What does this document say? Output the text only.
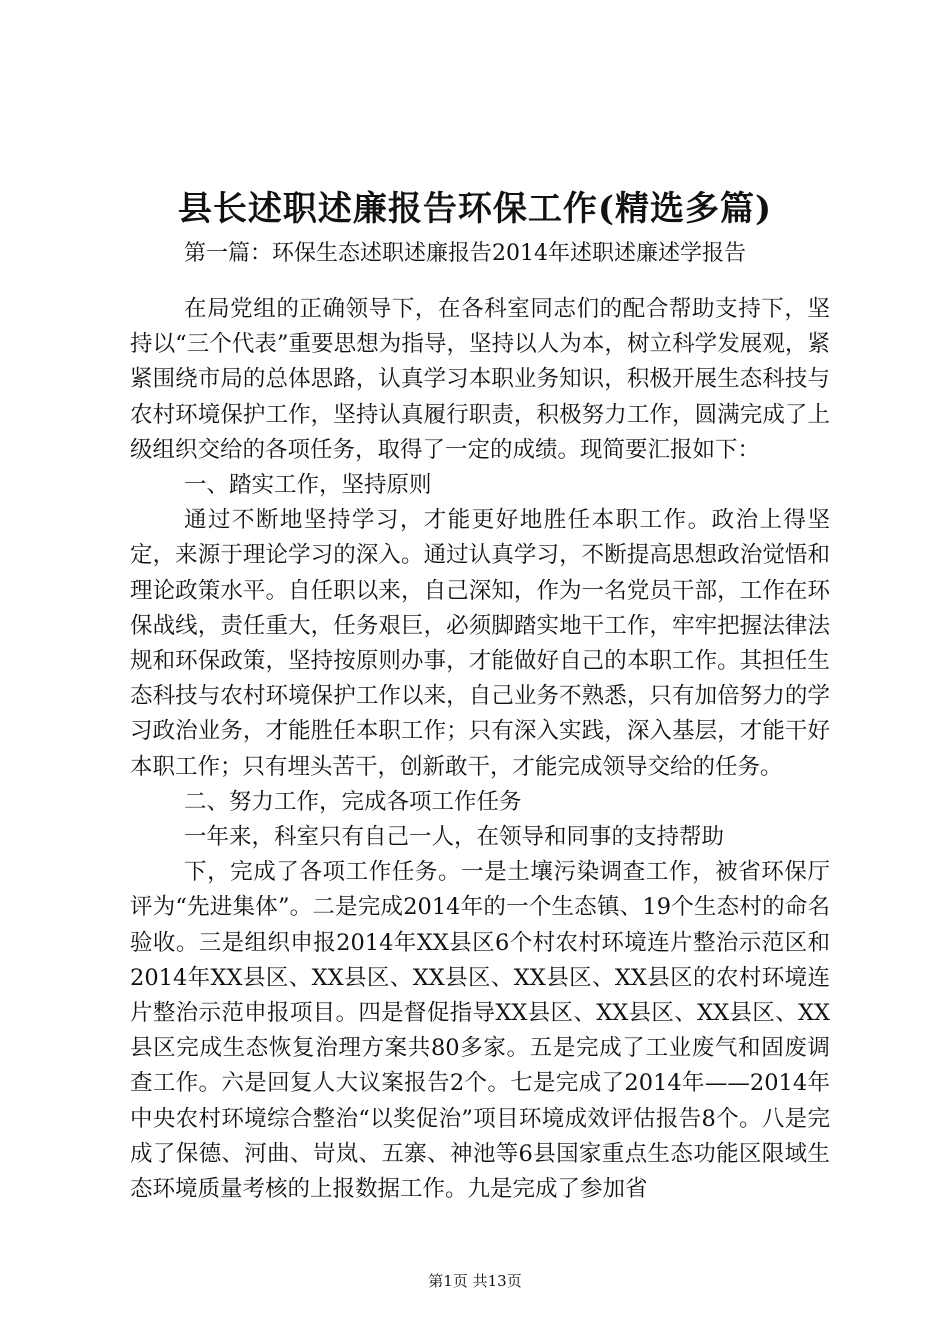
县长述职述廉报告环保工作(精选多篇)
第一篇：环保生态述职述廉报告2014年述职述廉述学报告

在局党组的正确领导下，在各科室同志们的配合帮助支持下，坚持以“三个代表”重要思想为指导，坚持以人为本，树立科学发展观，紧紧围绕市局的总体思路，认真学习本职业务知识，积极开展生态科技与农村环境保护工作，坚持认真履行职责，积极努力工作，圆满完成了上级组织交给的各项任务，取得了一定的成绩。现简要汇报如下：

一、踏实工作，坚持原则

通过不断地坚持学习，才能更好地胜任本职工作。政治上得坚定，来源于理论学习的深入。通过认真学习，不断提高思想政治觉悟和理论政策水平。自任职以来，自己深知，作为一名党员干部，工作在环保战线，责任重大，任务艰巨，必须脚踏实地干工作，牢牢把握法律法规和环保政策，坚持按原则办事，才能做好自己的本职工作。其担任生态科技与农村环境保护工作以来，自己业务不熟悉，只有加倍努力的学习政治业务，才能胜任本职工作；只有深入实践，深入基层，才能干好本职工作；只有埋头苦干，创新敢干，才能完成领导交给的任务。

二、努力工作，完成各项工作任务

一年来，科室只有自己一人，在领导和同事的支持帮助

下，完成了各项工作任务。一是土壤污染调查工作，被省环保厅评为“先进集体”。二是完成2014年的一个生态镇、19个生态村的命名验收。三是组织申报2014年XX县区6个村农村环境连片整治示范区和2014年XX县区、XX县区、XX县区、XX县区、XX县区的农村环境连片整治示范申报项目。四是督促指导XX县区、XX县区、XX县区、XX县区完成生态恢复治理方案共80多家。五是完成了工业废气和固废调查工作。六是回复人大议案报告2个。七是完成了2014年——2014年中央农村环境综合整治“以奖促治”项目环境成效评估报告8个。八是完成了保德、河曲、岢岚、五寨、神池等6县国家重点生态功能区限域生态环境质量考核的上报数据工作。九是完成了参加省

第1页 共13页
